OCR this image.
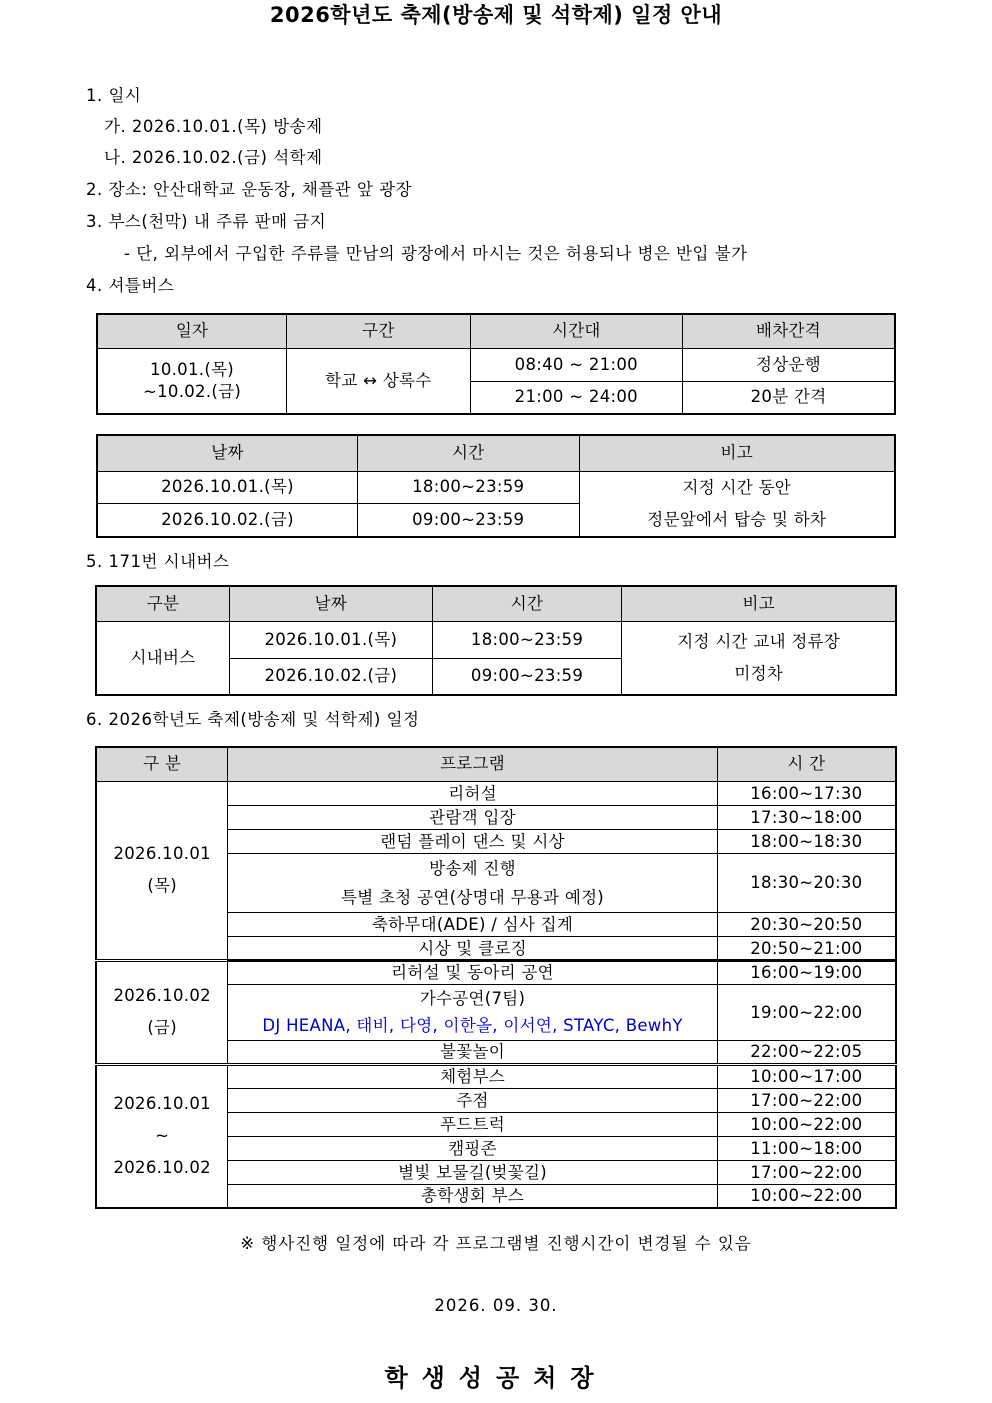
2026학년도 축제(방송제 및 석학제) 일정 안내
1. 일시
가. 2026.10.01.(목) 방송제
나. 2026.10.02.(금) 석학제
2. 장소: 안산대학교 운동장, 채플관 앞 광장
3. 부스(천막) 내 주류 판매 금지
- 단, 외부에서 구입한 주류를 만남의 광장에서 마시는 것은 허용되나 병은 반입 불가
4. 셔틀버스
일자	구간	시간대	배차간격

10.01.(목)
~10.02.(금)	학교 ↔ 상록수	08:40 ~ 21:00	정상운행
		21:00 ~ 24:00	20분 간격
날짜	시간	비고
2026.10.01.(목)	18:00~23:59	지정 시간 동안
정문앞에서 탑승 및 하차

2026.10.02.(금)	09:00~23:59	
5. 171번 시내버스
구분	날짜	시간	비고
시내버스	2026.10.01.(목)	18:00~23:59	지정 시간 교내 정류장
미정차

	2026.10.02.(금)	09:00~23:59	
6. 2026학년도 축제(방송제 및 석학제) 일정
구 분	프로그램	시 간

2026.10.01
(목)	리허설	16:00~17:30
	관람객 입장	17:30~18:00
	랜덤 플레이 댄스 및 시상	18:00~18:30

	방송제 진행
특별 초청 공연(상명대 무용과 예정)	18:30~20:30
	축하무대(ADE) / 심사 집계	20:30~20:50
	시상 및 클로징	20:50~21:00

2026.10.02
(금)	리허설 및 동아리 공연	16:00~19:00

	가수공연(7팀)
DJ HEANA, 태비, 다영, 이한올, 이서연, STAYC, BewhY	19:00~22:00
	불꽃놀이	22:00~22:05

2026.10.01
~
2026.10.02	체험부스	10:00~17:00
	주점	17:00~22:00
	푸드트럭	10:00~22:00
	캠핑존	11:00~18:00
	별빛 보물길(벚꽃길)	17:00~22:00
	총학생회 부스	10:00~22:00
※ 행사진행 일정에 따라 각 프로그램별 진행시간이 변경될 수 있음
2026. 09. 30.
학생성공처장
